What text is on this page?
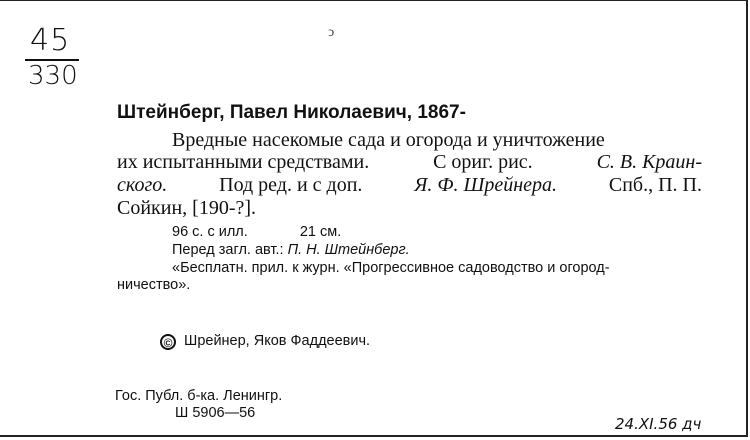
45
330
ↄ
Штейнберг, Павел Николаевич, 1867-
Вредные насекомые сада и огорода и уничтожение
их испытанными средствами.	С ориг. рис.	С. В. Краин-
ского.	Под ред. и с доп.	Я. Ф. Шрейнера.	Спб., П. П.
Сойкин, [190-?].
96 с. с илл.	21 см.
Перед загл. авт.: П. Н. Штейнберг.
«Бесплатн. прил. к журн. «Прогрессивное садоводство и огород-
ничество».
© Шрейнер, Яков Фаддеевич.
Гос. Публ. б-ка. Ленингр.
Ш 5906—56
24.XI.56 дч
